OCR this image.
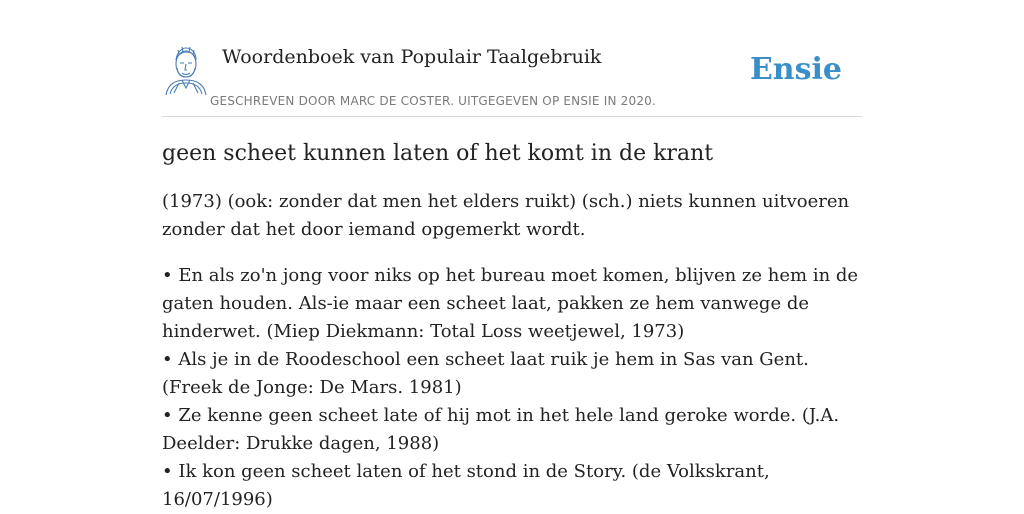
Woordenboek van Populair Taalgebruik	Ensie
GESCHREVEN DOOR MARC DE COSTER. UITGEGEVEN OP ENSIE IN 2020.
geen scheet kunnen laten of het komt in de krant

(1973) (ook: zonder dat men het elders ruikt) (sch.) niets kunnen uitvoeren zonder dat het door iemand opgemerkt wordt.

• En als zo'n jong voor niks op het bureau moet komen, blijven ze hem in de gaten houden. Als-ie maar een scheet laat, pakken ze hem vanwege de hinderwet. (Miep Diekmann: Total Loss weetjewel, 1973)
• Als je in de Roodeschool een scheet laat ruik je hem in Sas van Gent. (Freek de Jonge: De Mars. 1981)
• Ze kenne geen scheet late of hij mot in het hele land geroke worde. (J.A. Deelder: Drukke dagen, 1988)
• Ik kon geen scheet laten of het stond in de Story. (de Volkskrant, 16/07/1996)
